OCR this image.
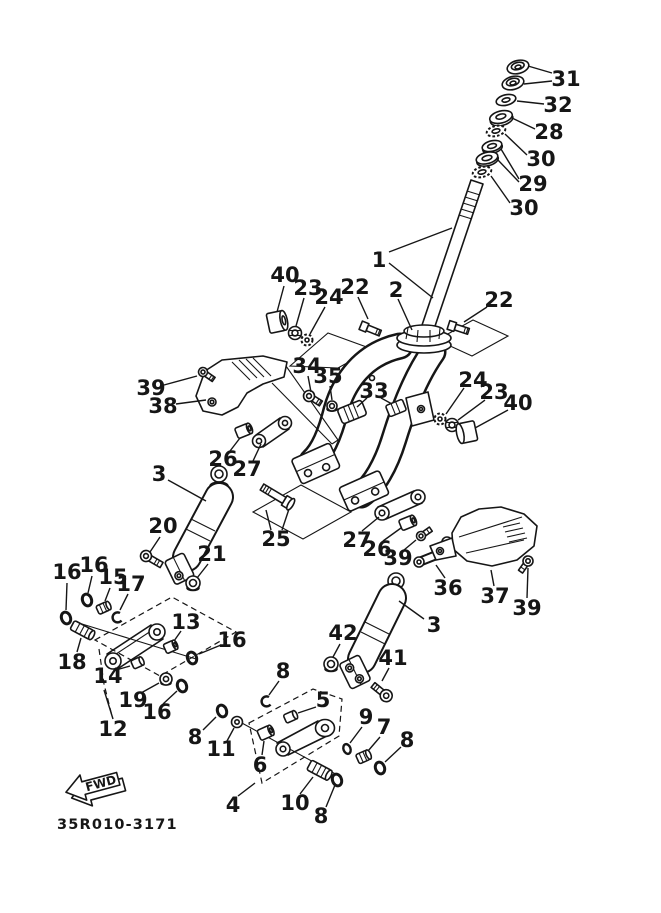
FWD
35R010-3171
31
32
28
30
29
30
1
2
22
22
40
23
24
34
35
33	24
23
40
39
38
26
27
3
20
21
25 27
26
39
36 37 39
3
42
41
16
16
15
17
13
16
18
14
19
16
12
8
5
8 11
6
4 10
8
9 7
8
